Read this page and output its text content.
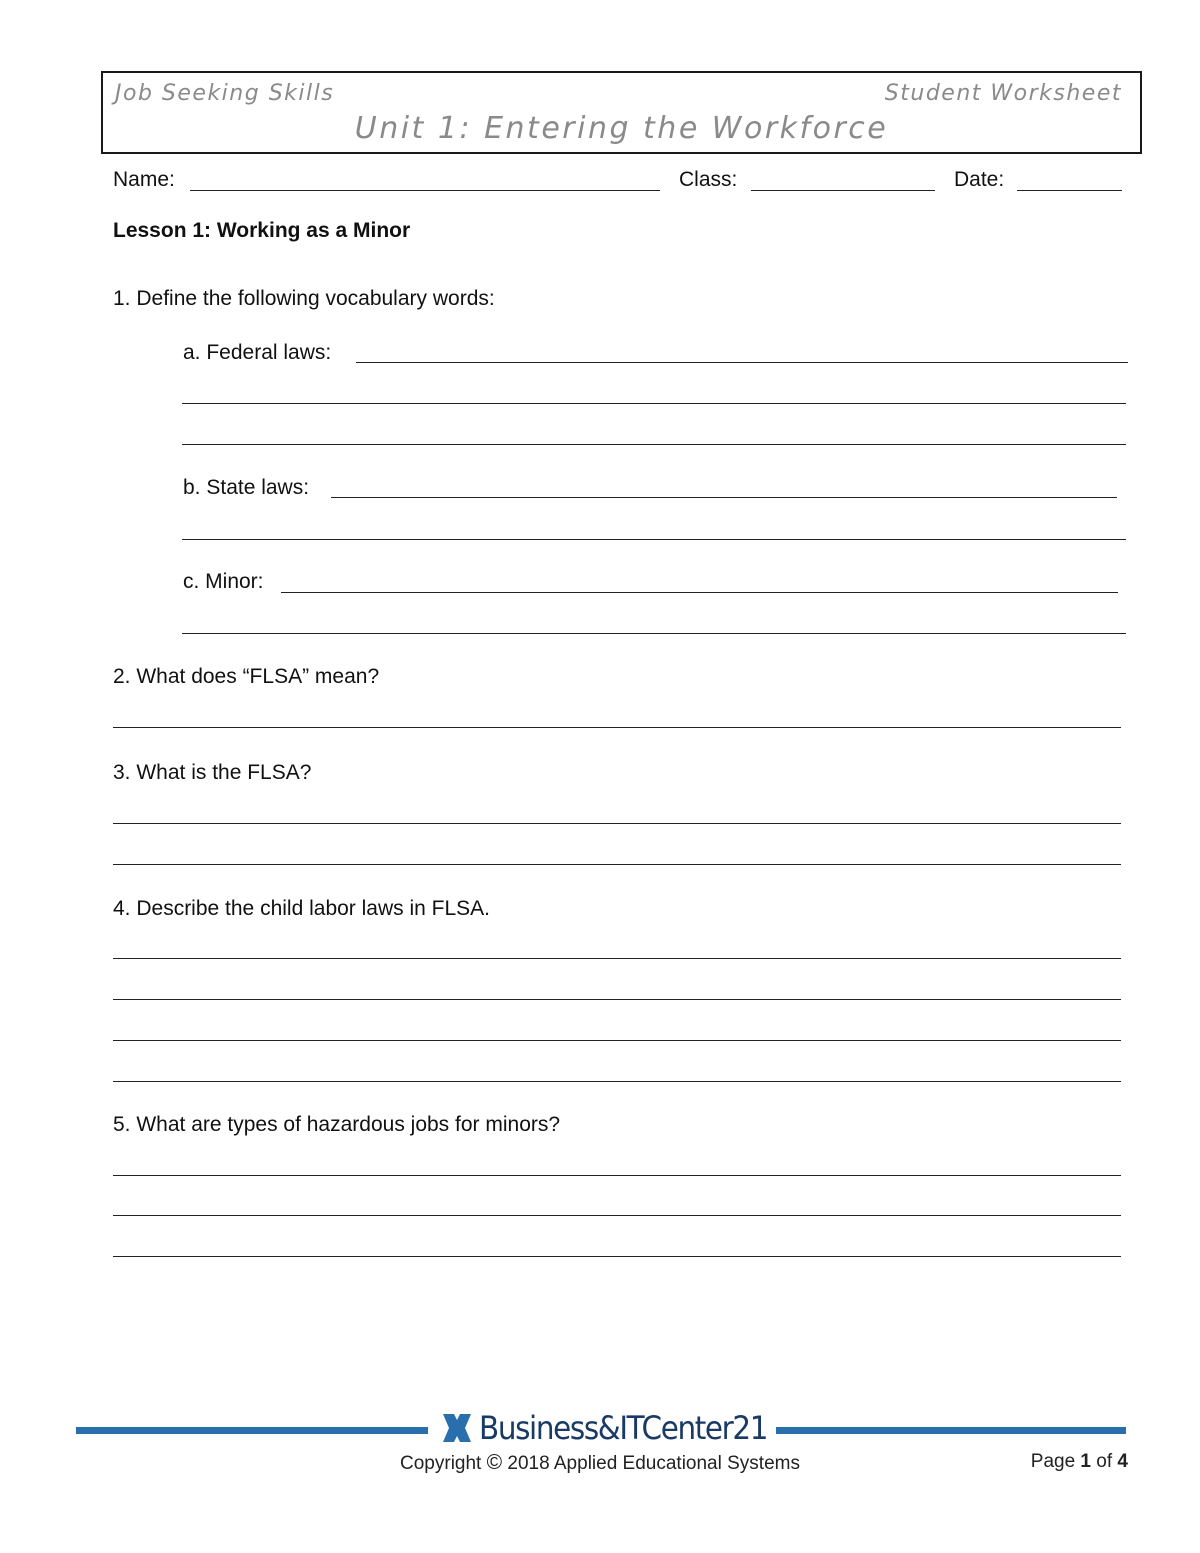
Job Seeking Skills	Student Worksheet
Unit 1: Entering the Workforce
Name:	Class:	Date:
Lesson 1: Working as a Minor
1. Define the following vocabulary words:
a. Federal laws:
b. State laws:
c. Minor:
2. What does “FLSA” mean?
3. What is the FLSA?
4. Describe the child labor laws in FLSA.
5. What are types of hazardous jobs for minors?
Business&ITCenter21
Copyright © 2018 Applied Educational Systems	Page 1 of 4
